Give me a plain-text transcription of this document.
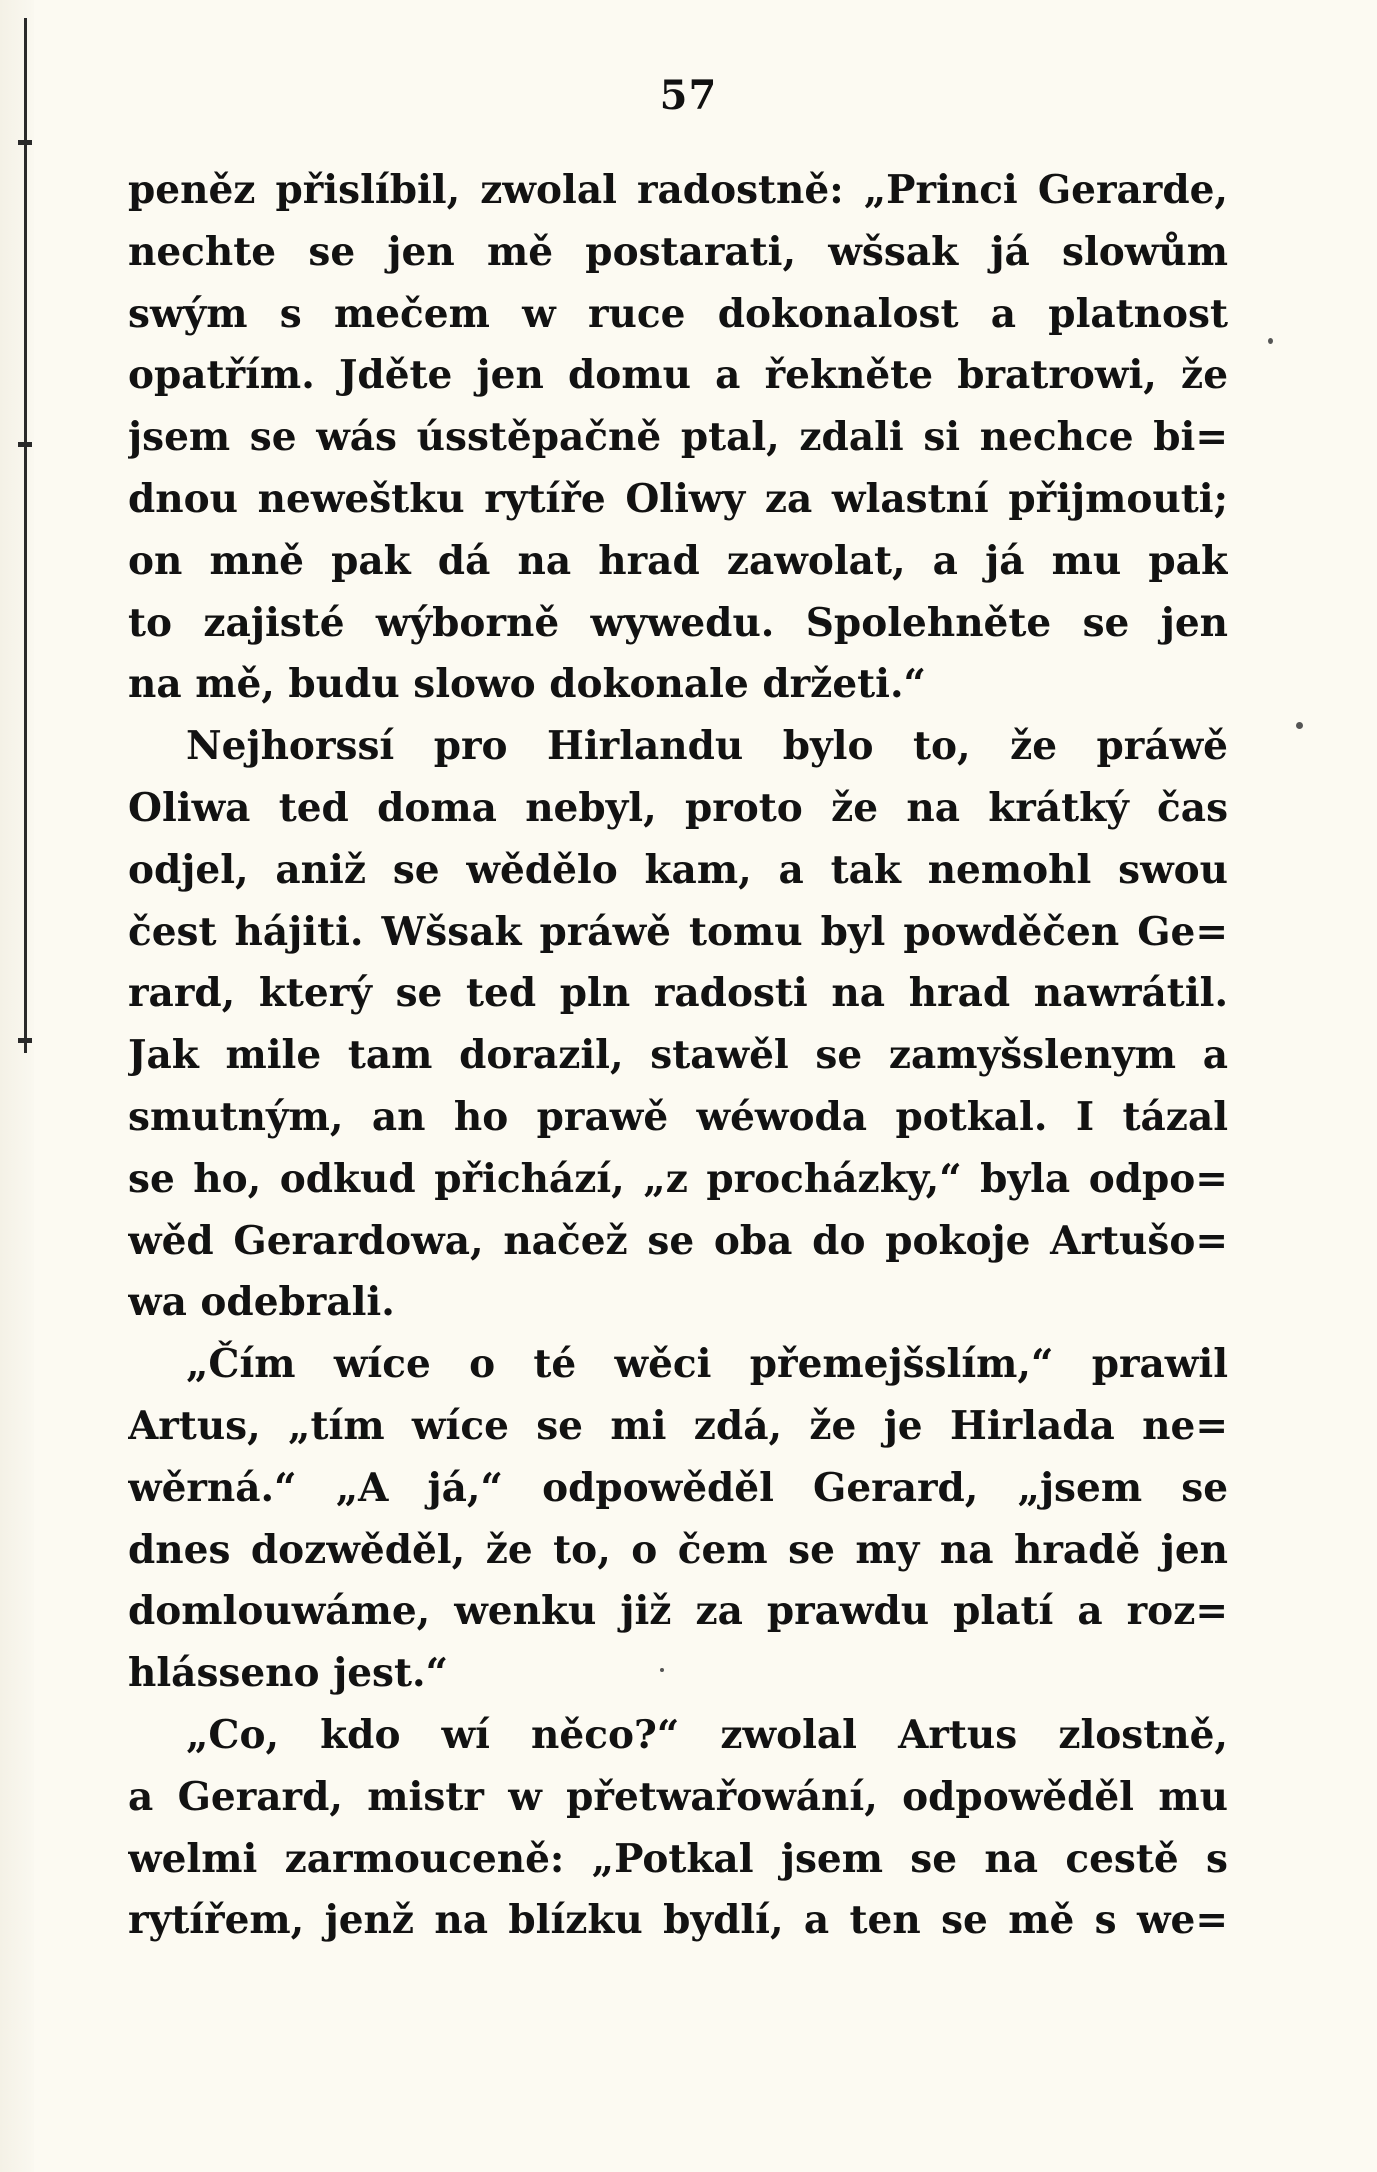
57
peněz přislíbil, zwolal radostně: „Princi Gerarde,
nechte se jen mě postarati, wšsak já slowům
swým s mečem w ruce dokonalost a platnost
opatřím. Jděte jen domu a řekněte bratrowi, že
jsem se wás ússtěpačně ptal, zdali si nechce bi=
dnou neweštku rytíře Oliwy za wlastní přijmouti;
on mně pak dá na hrad zawolat, a já mu pak
to zajisté wýborně wywedu. Spolehněte se jen
na mě, budu slowo dokonale držeti.“
Nejhorssí pro Hirlandu bylo to, že práwě
Oliwa ted doma nebyl, proto že na krátký čas
odjel, aniž se wědělo kam, a tak nemohl swou
čest hájiti. Wšsak práwě tomu byl powděčen Ge=
rard, který se ted pln radosti na hrad nawrátil.
Jak mile tam dorazil, stawěl se zamyšslenym a
smutným, an ho prawě wéwoda potkal. I tázal
se ho, odkud přichází, „z procházky,“ byla odpo=
wěd Gerardowa, načež se oba do pokoje Artušo=
wa odebrali.
„Čím wíce o té wěci přemejšslím,“ prawil
Artus, „tím wíce se mi zdá, že je Hirlada ne=
wěrná.“ „A já,“ odpowěděl Gerard, „jsem se
dnes dozwěděl, že to, o čem se my na hradě jen
domlouwáme, wenku již za prawdu platí a roz=
hlásseno jest.“
„Co, kdo wí něco?“ zwolal Artus zlostně,
a Gerard, mistr w přetwařowání, odpowěděl mu
welmi zarmouceně: „Potkal jsem se na cestě s
rytířem, jenž na blízku bydlí, a ten se mě s we=
